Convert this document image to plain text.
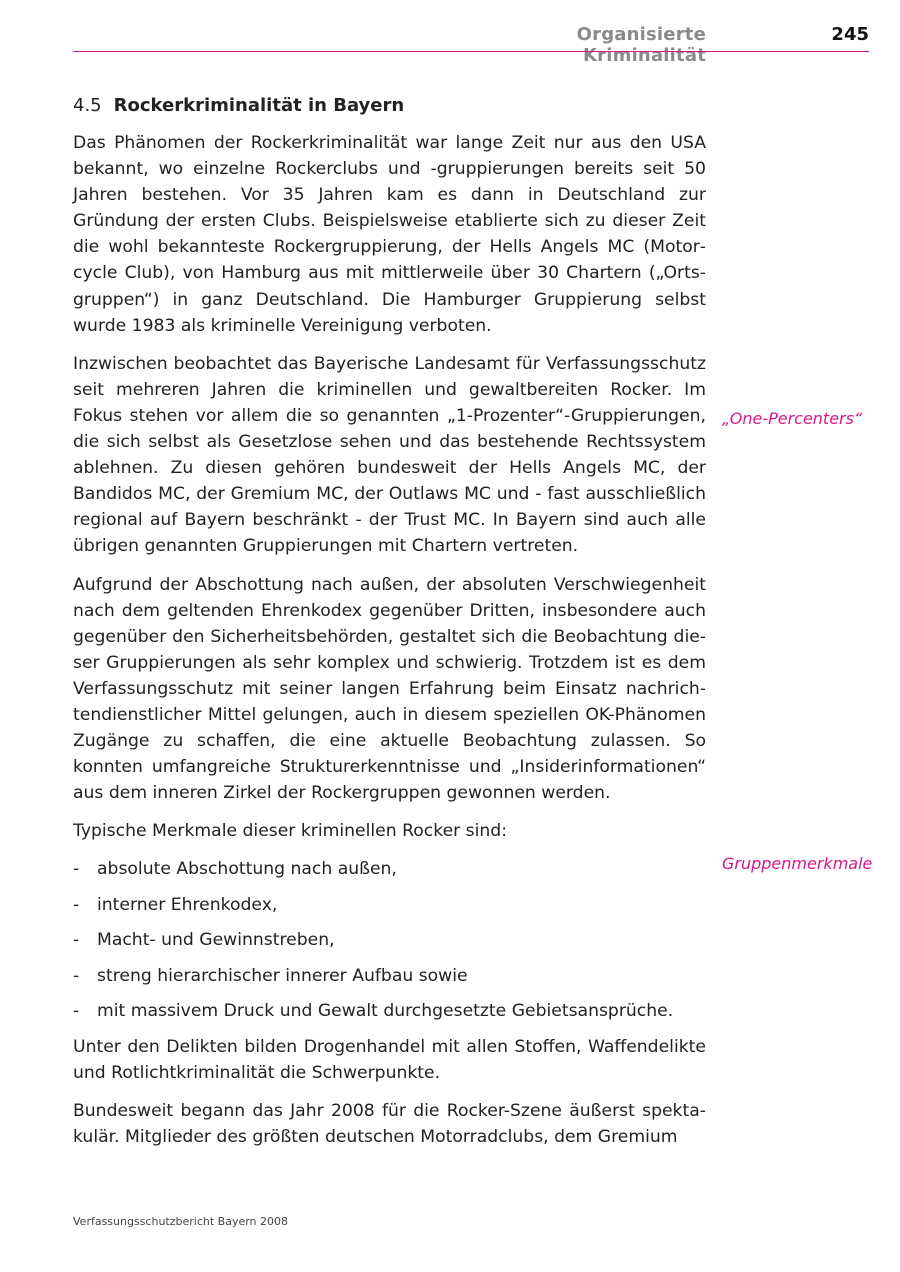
Organisierte Kriminalität
245
4.5 Rockerkriminalität in Bayern

Das Phänomen der Rockerkriminalität war lange Zeit nur aus den USA bekannt, wo einzelne Rockerclubs und -gruppierungen bereits seit 50 Jahren bestehen. Vor 35 Jahren kam es dann in Deutschland zur Gründung der ersten Clubs. Beispielsweise etablierte sich zu dieser Zeit die wohl bekannteste Rockergruppierung, der Hells Angels MC (Motorcycle Club), von Hamburg aus mit mittlerweile über 30 Chartern („Ortsgruppen“) in ganz Deutschland. Die Hamburger Gruppierung selbst wurde 1983 als kriminelle Vereinigung verboten.

Inzwischen beobachtet das Bayerische Landesamt für Verfassungsschutz seit mehreren Jahren die kriminellen und gewaltbereiten Rocker. Im Fokus stehen vor allem die so genannten „1-Prozenter“-Gruppierungen, die sich selbst als Gesetzlose sehen und das bestehende Rechtssystem ablehnen. Zu diesen gehören bundesweit der Hells Angels MC, der Bandidos MC, der Gremium MC, der Outlaws MC und - fast ausschließlich regional auf Bayern beschränkt - der Trust MC. In Bayern sind auch alle übrigen genannten Gruppierungen mit Chartern vertreten.

Aufgrund der Abschottung nach außen, der absoluten Verschwiegenheit nach dem geltenden Ehrenkodex gegenüber Dritten, insbesondere auch gegenüber den Sicherheitsbehörden, gestaltet sich die Beobachtung dieser Gruppierungen als sehr komplex und schwierig. Trotzdem ist es dem Verfassungsschutz mit seiner langen Erfahrung beim Einsatz nachrichtendienstlicher Mittel gelungen, auch in diesem speziellen OK-Phänomen Zugänge zu schaffen, die eine aktuelle Beobachtung zulassen. So konnten umfangreiche Strukturerkenntnisse und „Insiderinformationen“ aus dem inneren Zirkel der Rockergruppen gewonnen werden.

Typische Merkmale dieser kriminellen Rocker sind:

- absolute Abschottung nach außen,
- interner Ehrenkodex,
- Macht- und Gewinnstreben,
- streng hierarchischer innerer Aufbau sowie
- mit massivem Druck und Gewalt durchgesetzte Gebietsansprüche.

Unter den Delikten bilden Drogenhandel mit allen Stoffen, Waffendelikte und Rotlichtkriminalität die Schwerpunkte.

Bundesweit begann das Jahr 2008 für die Rocker-Szene äußerst spektakulär. Mitglieder des größten deutschen Motorradclubs, dem Gremium

„One-Percenters“
Gruppenmerkmale
Verfassungsschutzbericht Bayern 2008
